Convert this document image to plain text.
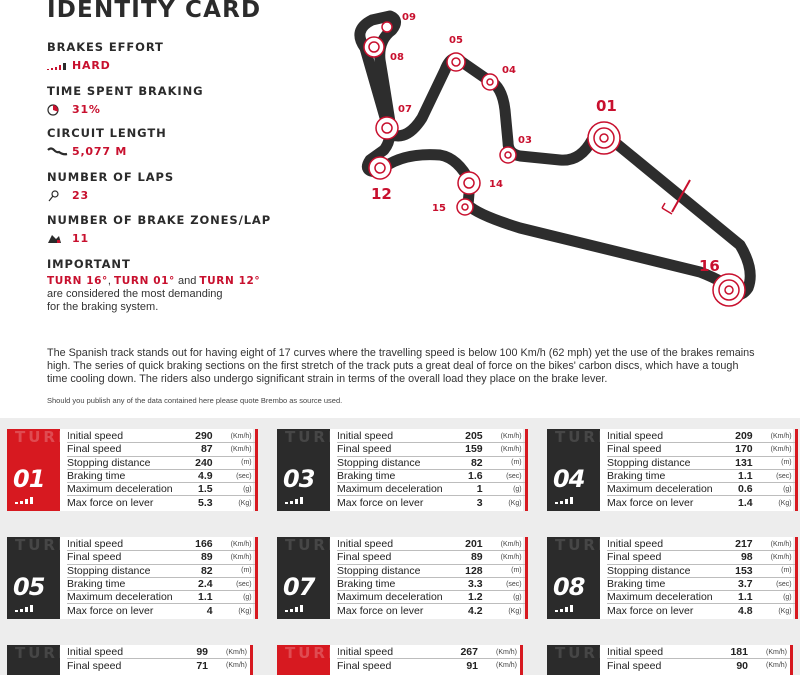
IDENTITY CARD
BRAKES EFFORT
HARD
TIME SPENT BRAKING
31%
CIRCUIT LENGTH
5,077 M
NUMBER OF LAPS
23
NUMBER OF BRAKE ZONES/LAP
11
IMPORTANT
TURN 16°, TURN 01° and TURN 12°
are considered the most demanding
for the braking system.
09
08
05
04
07
03
01
12
14
15
16
The Spanish track stands out for having eight of 17 curves where the travelling speed is below 100 Km/h (62 mph) yet the use of the brakes remains high. The series of quick braking sections on the first stretch of the track puts a great deal of force on the bikes' carbon discs, which have a tough time cooling down. The riders also undergo significant strain in terms of the overall load they place on the brake lever.
Should you publish any of the data contained here please quote Brembo as source used.
TURN
01
Initial speed	290	(Km/h)
Final speed	87	(Km/h)
Stopping distance	240	(m)
Braking time	4.9	(sec)
Maximum deceleration	1.5	(g)
Max force on lever	5.3	(Kg)
TURN
03
Initial speed	205	(Km/h)
Final speed	159	(Km/h)
Stopping distance	82	(m)
Braking time	1.6	(sec)
Maximum deceleration	1	(g)
Max force on lever	3	(Kg)
TURN
04
Initial speed	209	(Km/h)
Final speed	170	(Km/h)
Stopping distance	131	(m)
Braking time	1.1	(sec)
Maximum deceleration	0.6	(g)
Max force on lever	1.4	(Kg)
TURN
05
Initial speed	166	(Km/h)
Final speed	89	(Km/h)
Stopping distance	82	(m)
Braking time	2.4	(sec)
Maximum deceleration	1.1	(g)
Max force on lever	4	(Kg)
TURN
07
Initial speed	201	(Km/h)
Final speed	89	(Km/h)
Stopping distance	128	(m)
Braking time	3.3	(sec)
Maximum deceleration	1.2	(g)
Max force on lever	4.2	(Kg)
TURN
08
Initial speed	217	(Km/h)
Final speed	98	(Km/h)
Stopping distance	153	(m)
Braking time	3.7	(sec)
Maximum deceleration	1.1	(g)
Max force on lever	4.8	(Kg)
TURN
Initial speed	99	(Km/h)
Final speed	71	(Km/h)
TURN
Initial speed	267	(Km/h)
Final speed	91	(Km/h)
TURN
Initial speed	181	(Km/h)
Final speed	90	(Km/h)
